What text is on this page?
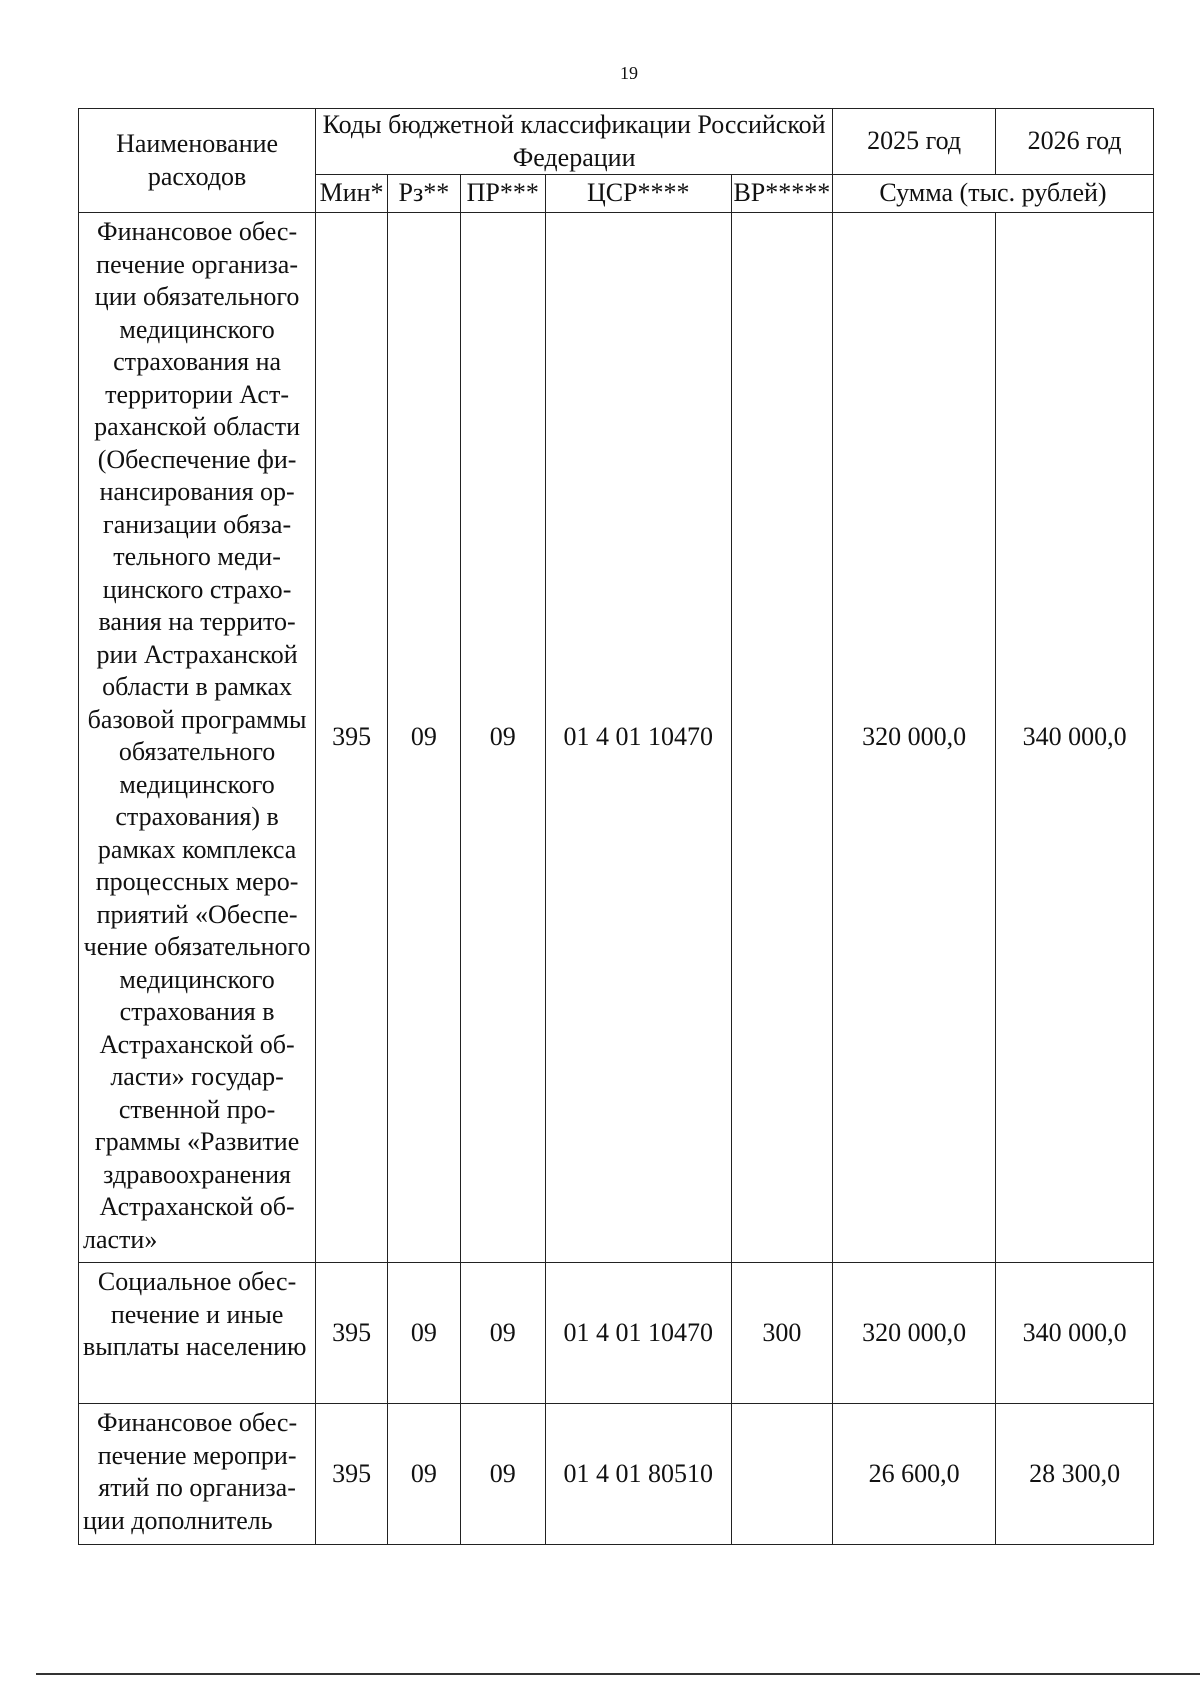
19
Наименование расходов	Коды бюджетной классификации Российской Федерации					2025 год	2026 год
	Мин*	Рз**	ПР***	ЦСР****	ВР*****	Сумма (тыс. рублей)	
Финансовое обеспечение организации обязательного медицинского страхования на территории Астраханской области (Обеспечение финансирования организации обязательного медицинского страхования на территории Астраханской области в рамках базовой программы обязательного медицинского страхования) в рамках комплекса процессных мероприятий «Обеспечение обязательного медицинского страхования в Астраханской области» государственной программы «Развитие здравоохранения Астраханской области»	395	09	09	01 4 01 10470		320 000,0	340 000,0
Социальное обеспечение и иные выплаты населению	395	09	09	01 4 01 10470	300	320 000,0	340 000,0
Финансовое обеспечение мероприятий по организации дополнитель	395	09	09	01 4 01 80510		26 600,0	28 300,0
